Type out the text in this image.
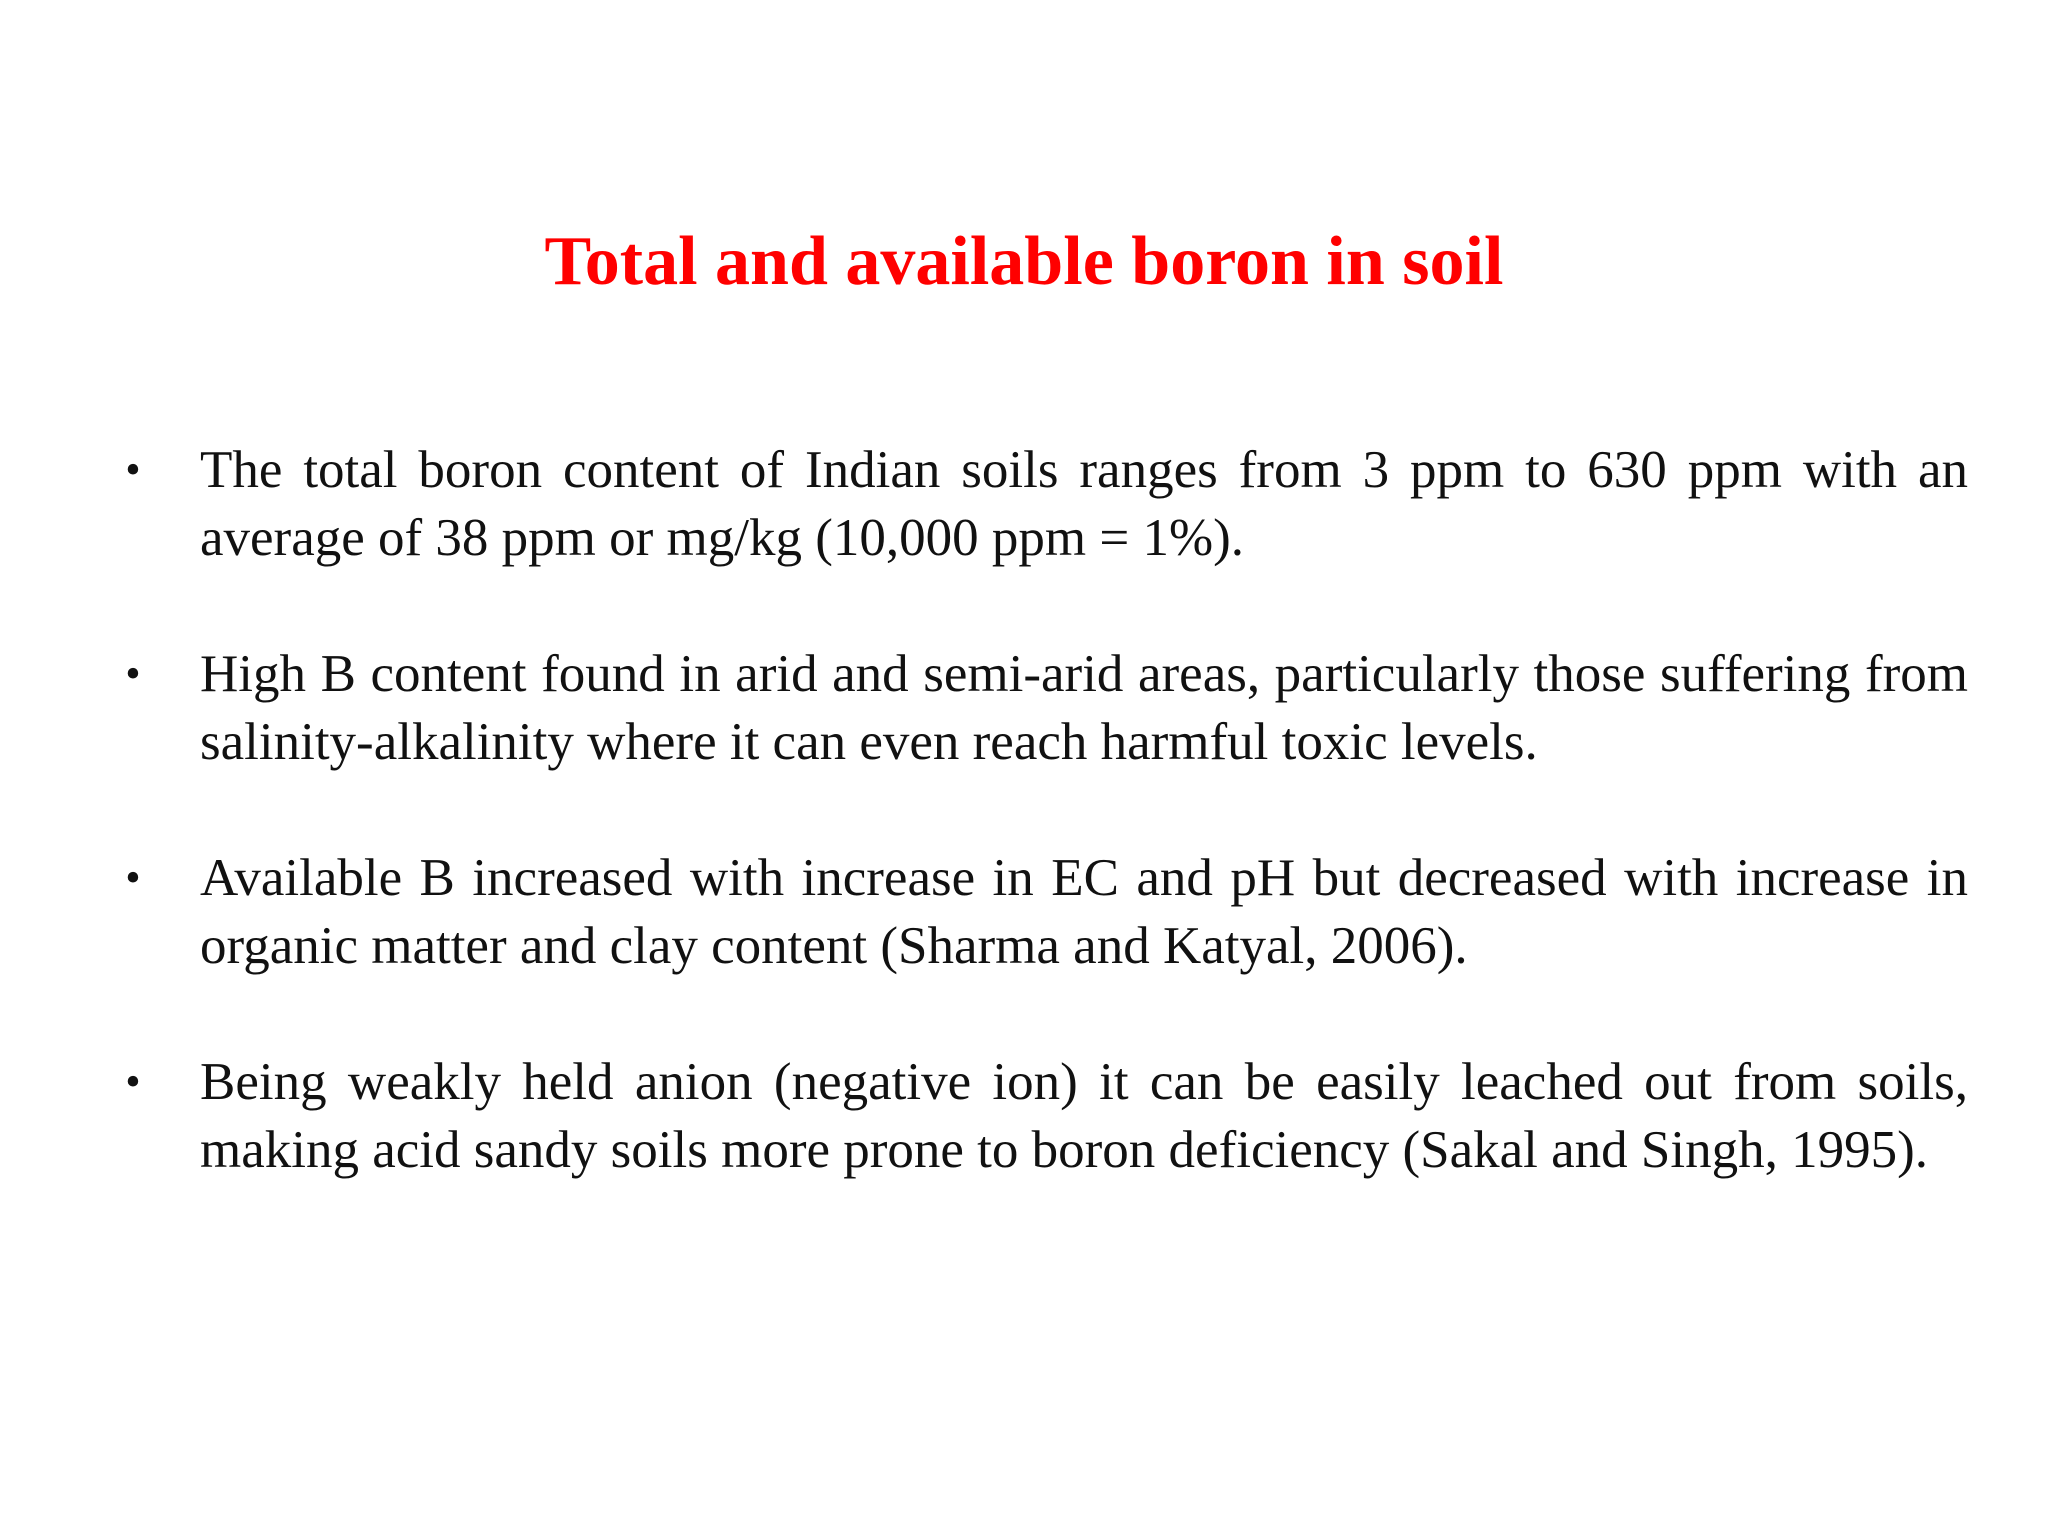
Total and available boron in soil
• The total boron content of Indian soils ranges from 3 ppm to 630 ppm with an average of 38 ppm or mg/kg (10,000 ppm = 1%).
• High B content found in arid and semi-arid areas, particularly those suffering from salinity-alkalinity where it can even reach harmful toxic levels.
• Available B increased with increase in EC and pH but decreased with increase in organic matter and clay content (Sharma and Katyal, 2006).
• Being weakly held anion (negative ion) it can be easily leached out from soils, making acid sandy soils more prone to boron deficiency (Sakal and Singh, 1995).
